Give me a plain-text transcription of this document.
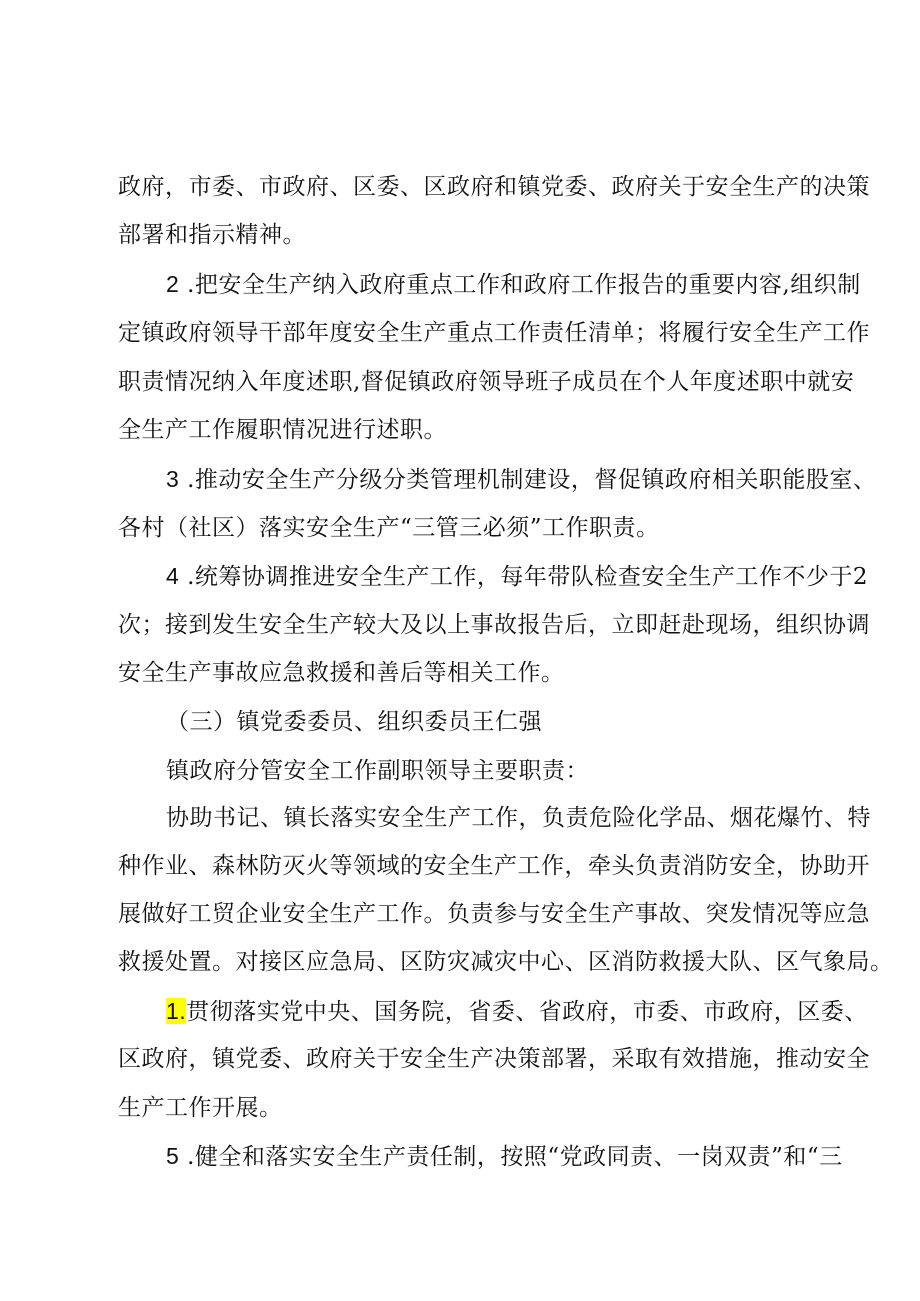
政府，市委、市政府、区委、区政府和镇党委、政府关于安全生产的决策
部署和指示精神。
2 .把安全生产纳入政府重点工作和政府工作报告的重要内容,组织制
定镇政府领导干部年度安全生产重点工作责任清单；将履行安全生产工作
职责情况纳入年度述职,督促镇政府领导班子成员在个人年度述职中就安
全生产工作履职情况进行述职。
3 .推动安全生产分级分类管理机制建设，督促镇政府相关职能股室、
各村（社区）落实安全生产“三管三必须”工作职责。
4 .统筹协调推进安全生产工作，每年带队检查安全生产工作不少于2
次；接到发生安全生产较大及以上事故报告后，立即赶赴现场，组织协调
安全生产事故应急救援和善后等相关工作。
（三）镇党委委员、组织委员王仁强
镇政府分管安全工作副职领导主要职责：
协助书记、镇长落实安全生产工作，负责危险化学品、烟花爆竹、特
种作业、森林防灭火等领域的安全生产工作，牵头负责消防安全，协助开
展做好工贸企业安全生产工作。负责参与安全生产事故、突发情况等应急
救援处置。对接区应急局、区防灾减灾中心、区消防救援大队、区气象局。
1.贯彻落实党中央、国务院，省委、省政府，市委、市政府，区委、
区政府，镇党委、政府关于安全生产决策部署，采取有效措施，推动安全
生产工作开展。
5 .健全和落实安全生产责任制，按照“党政同责、一岗双责”和“三
